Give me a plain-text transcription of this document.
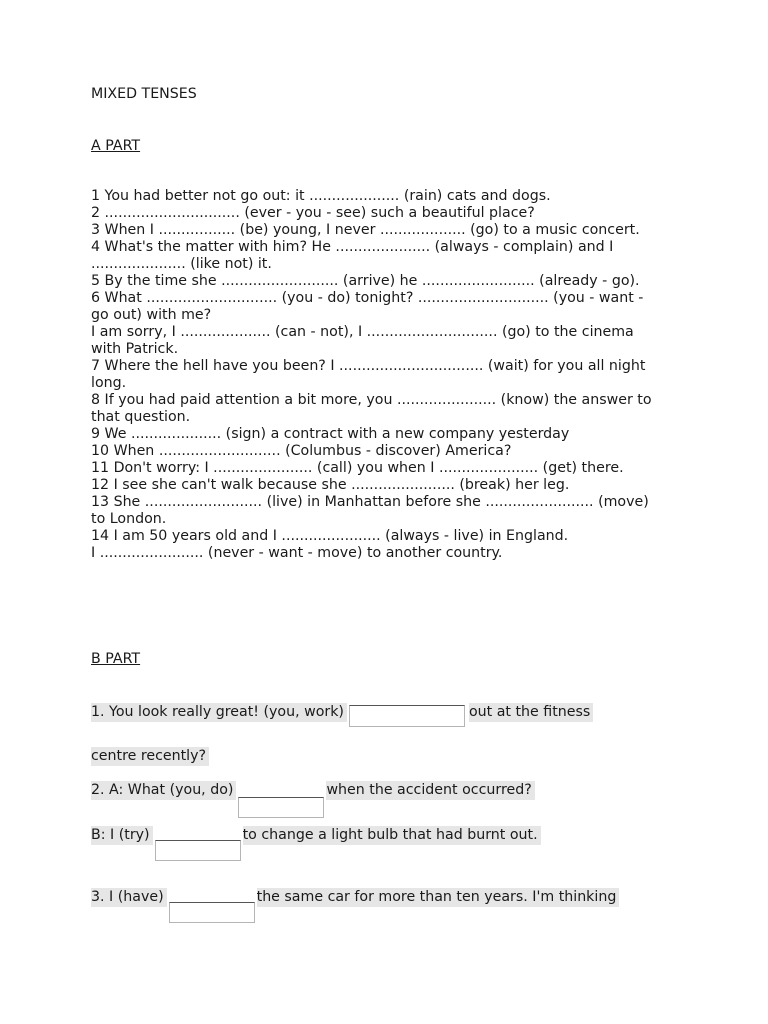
MIXED TENSES
A PART
1 You had better not go out: it .................... (rain) cats and dogs.
2 .............................. (ever - you - see) such a beautiful place?
3 When I ................. (be) young, I never ................... (go) to a music concert.
4 What's the matter with him? He ..................... (always - complain) and I ..................... (like not) it.
5 By the time she .......................... (arrive) he ......................... (already - go).
6 What ............................. (you - do) tonight? ............................. (you - want - go out) with me?
I am sorry, I .................... (can - not), I ............................. (go) to the cinema with Patrick.
7 Where the hell have you been? I ................................ (wait) for you all night long.
8 If you had paid attention a bit more, you ...................... (know) the answer to that question.
9 We .................... (sign) a contract with a new company yesterday
10 When ........................... (Columbus - discover) America?
11 Don't worry: I ...................... (call) you when I ...................... (get) there.
12 I see she can't walk because she ....................... (break) her leg.
13 She .......................... (live) in Manhattan before she ........................ (move) to London.
14 I am 50 years old and I ...................... (always - live) in England.
I ....................... (never - want - move) to another country.
B PART
1. You look really great! (you, work)	out at the fitness
centre recently?
2. A: What (you, do)	when the accident occurred?
B: I (try)	to change a light bulb that had burnt out.
3. I (have)	the same car for more than ten years. I'm thinking
